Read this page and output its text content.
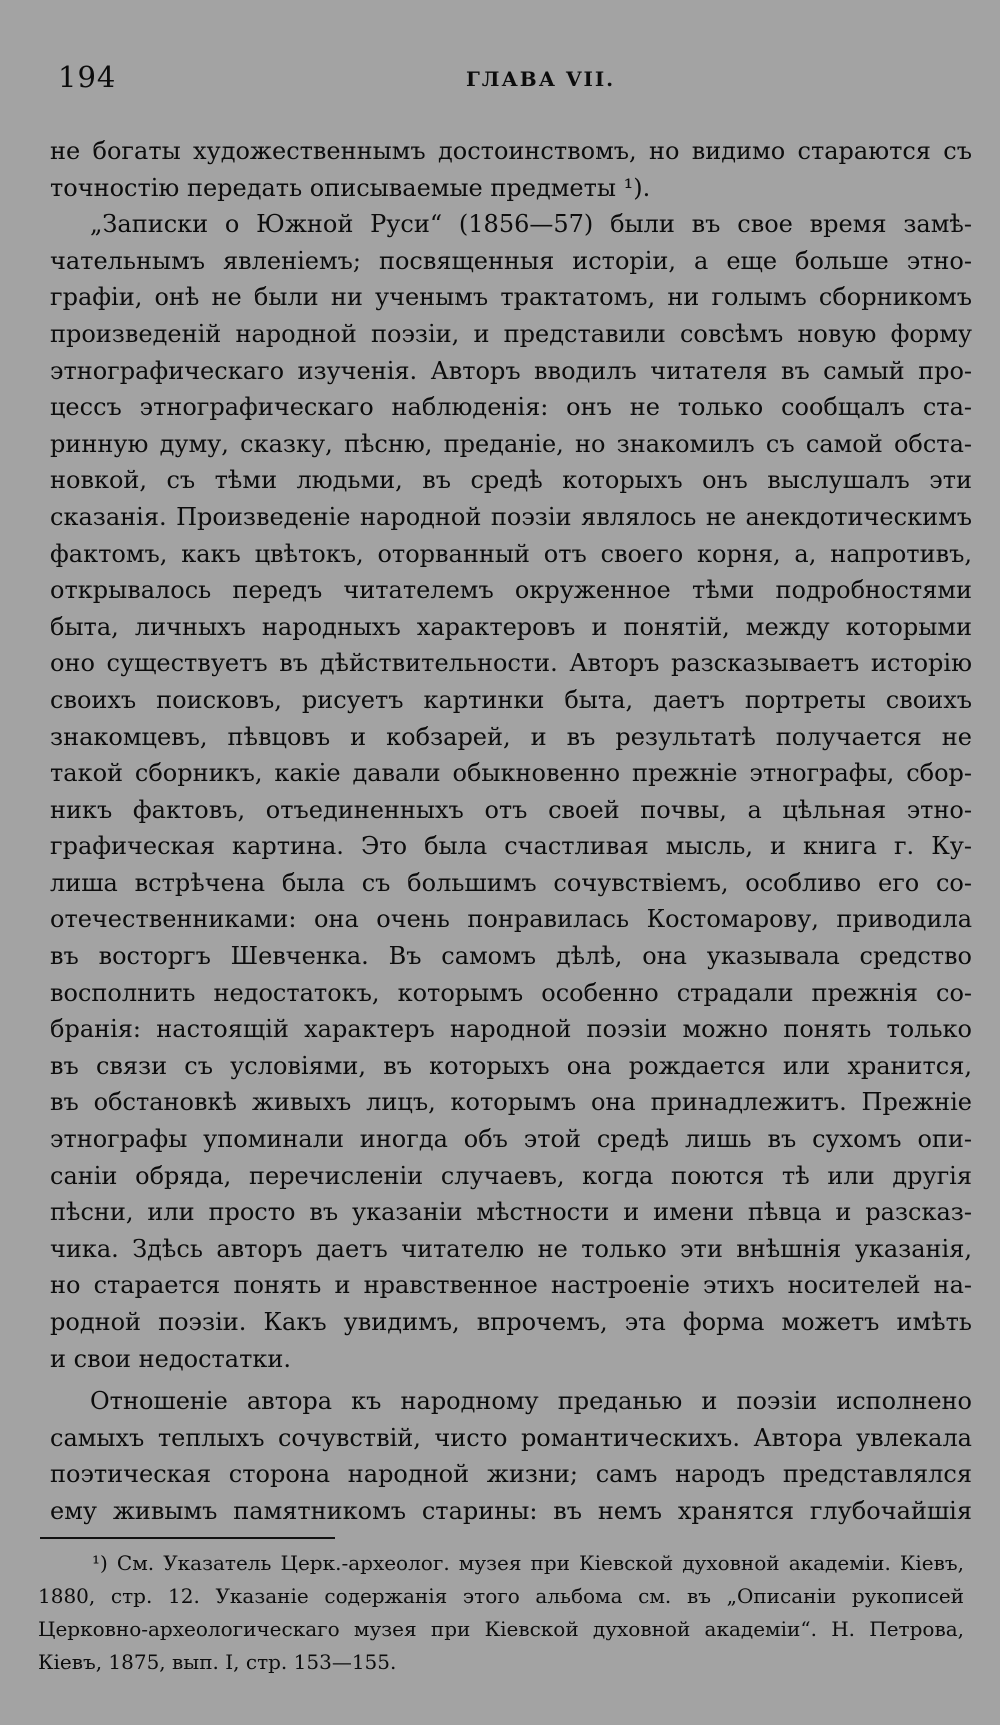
194	ГЛАВА VII.
не богаты художественнымъ достоинствомъ, но видимо стараются съ
точностію передать описываемые предметы ¹).
„Записки о Южной Руси“ (1856—57) были въ свое время замѣ-
чательнымъ явленіемъ; посвященныя исторіи, а еще больше этно-
графіи, онѣ не были ни ученымъ трактатомъ, ни голымъ сборникомъ
произведеній народной поэзіи, и представили совсѣмъ новую форму
этнографическаго изученія. Авторъ вводилъ читателя въ самый про-
цессъ этнографическаго наблюденія: онъ не только сообщалъ ста-
ринную думу, сказку, пѣсню, преданіе, но знакомилъ съ самой обста-
новкой, съ тѣми людьми, въ средѣ которыхъ онъ выслушалъ эти
сказанія. Произведеніе народной поэзіи являлось не анекдотическимъ
фактомъ, какъ цвѣтокъ, оторванный отъ своего корня, а, напротивъ,
открывалось передъ читателемъ окруженное тѣми подробностями
быта, личныхъ народныхъ характеровъ и понятій, между которыми
оно существуетъ въ дѣйствительности. Авторъ разсказываетъ исторію
своихъ поисковъ, рисуетъ картинки быта, даетъ портреты своихъ
знакомцевъ, пѣвцовъ и кобзарей, и въ результатѣ получается не
такой сборникъ, какіе давали обыкновенно прежніе этнографы, сбор-
никъ фактовъ, отъединенныхъ отъ своей почвы, а цѣльная этно-
графическая картина. Это была счастливая мысль, и книга г. Ку-
лиша встрѣчена была съ большимъ сочувствіемъ, особливо его со-
отечественниками: она очень понравилась Костомарову, приводила
въ восторгъ Шевченка. Въ самомъ дѣлѣ, она указывала средство
восполнить недостатокъ, которымъ особенно страдали прежнія со-
бранія: настоящій характеръ народной поэзіи можно понять только
въ связи съ условіями, въ которыхъ она рождается или хранится,
въ обстановкѣ живыхъ лицъ, которымъ она принадлежитъ. Прежніе
этнографы упоминали иногда объ этой средѣ лишь въ сухомъ опи-
саніи обряда, перечисленіи случаевъ, когда поются тѣ или другія
пѣсни, или просто въ указаніи мѣстности и имени пѣвца и разсказ-
чика. Здѣсь авторъ даетъ читателю не только эти внѣшнія указанія,
но старается понять и нравственное настроеніе этихъ носителей на-
родной поэзіи. Какъ увидимъ, впрочемъ, эта форма можетъ имѣть
и свои недостатки.
Отношеніе автора къ народному преданью и поэзіи исполнено
самыхъ теплыхъ сочувствій, чисто романтическихъ. Автора увлекала
поэтическая сторона народной жизни; самъ народъ представлялся
ему живымъ памятникомъ старины: въ немъ хранятся глубочайшія
¹) См. Указатель Церк.-археолог. музея при Кіевской духовной академіи. Кіевъ,
1880, стр. 12. Указаніе содержанія этого альбома см. въ „Описаніи рукописей
Церковно-археологическаго музея при Кіевской духовной академіи“. Н. Петрова,
Кіевъ, 1875, вып. I, стр. 153—155.
